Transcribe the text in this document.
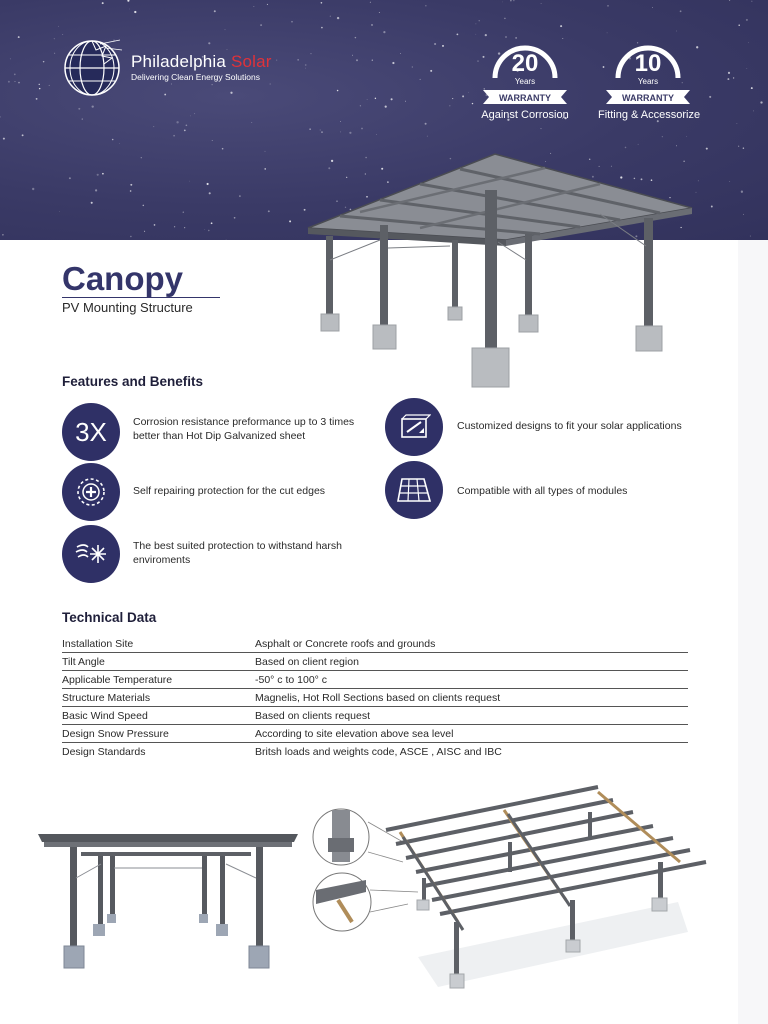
Philadelphia Solar
Delivering Clean Energy Solutions	20
Years
WARRANTY
Against Corrosion
10
Years
WARRANTY
Fitting & Accessorize
Canopy
PV Mounting Structure
Features and Benefits
3X Corrosion resistance preformance up to 3 times better than Hot Dip Galvanized sheet
Customized designs to fit your solar applications
Self repairing protection for the cut edges	Compatible with all types of modules
The best suited protection to withstand harsh enviroments
Technical Data
Installation Site	Asphalt or Concrete roofs and grounds
Tilt Angle	Based on client region
Applicable Temperature	-50° c to 100° c
Structure Materials	Magnelis, Hot Roll Sections based on clients request
Basic Wind Speed	Based on clients request
Design Snow Pressure	According to site elevation above sea level
Design Standards	Britsh loads and weights code, ASCE , AISC and IBC
